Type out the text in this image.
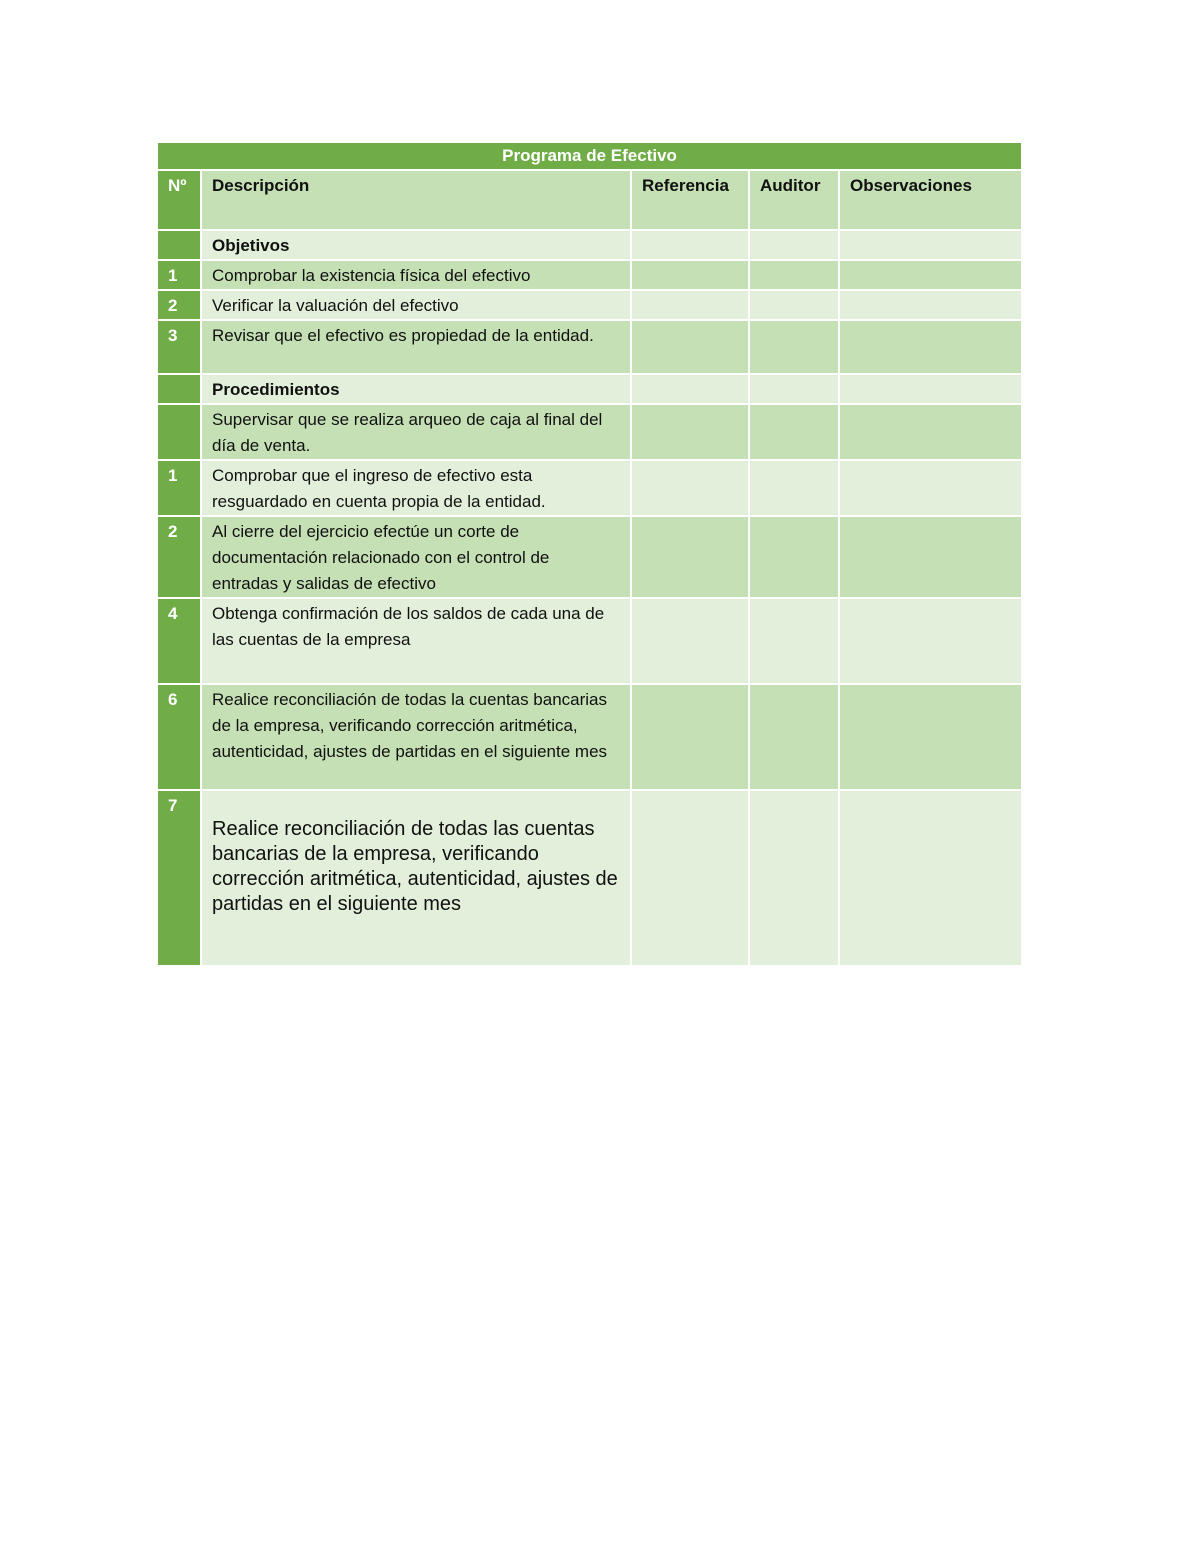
Programa de Efectivo				
Nº	Descripción	Referencia	Auditor	Observaciones
	Objetivos			
1	Comprobar la existencia física del efectivo			
2	Verificar la valuación del efectivo			
3	Revisar que el efectivo es propiedad de la entidad.			
	Procedimientos			
	Supervisar que se realiza arqueo de caja al final del día de venta.			
1	Comprobar que el ingreso de efectivo esta resguardado en cuenta propia de la entidad.			
2	Al cierre del ejercicio efectúe un corte de documentación relacionado con el control de entradas y salidas de efectivo			
4	Obtenga confirmación de los saldos de cada una de las cuentas de la empresa			
6	Realice reconciliación de todas la cuentas bancarias de la empresa, verificando corrección aritmética, autenticidad, ajustes de partidas en el siguiente mes			
7	Realice reconciliación de todas las cuentas bancarias de la empresa, verificando corrección aritmética, autenticidad, ajustes de partidas en el siguiente mes			
